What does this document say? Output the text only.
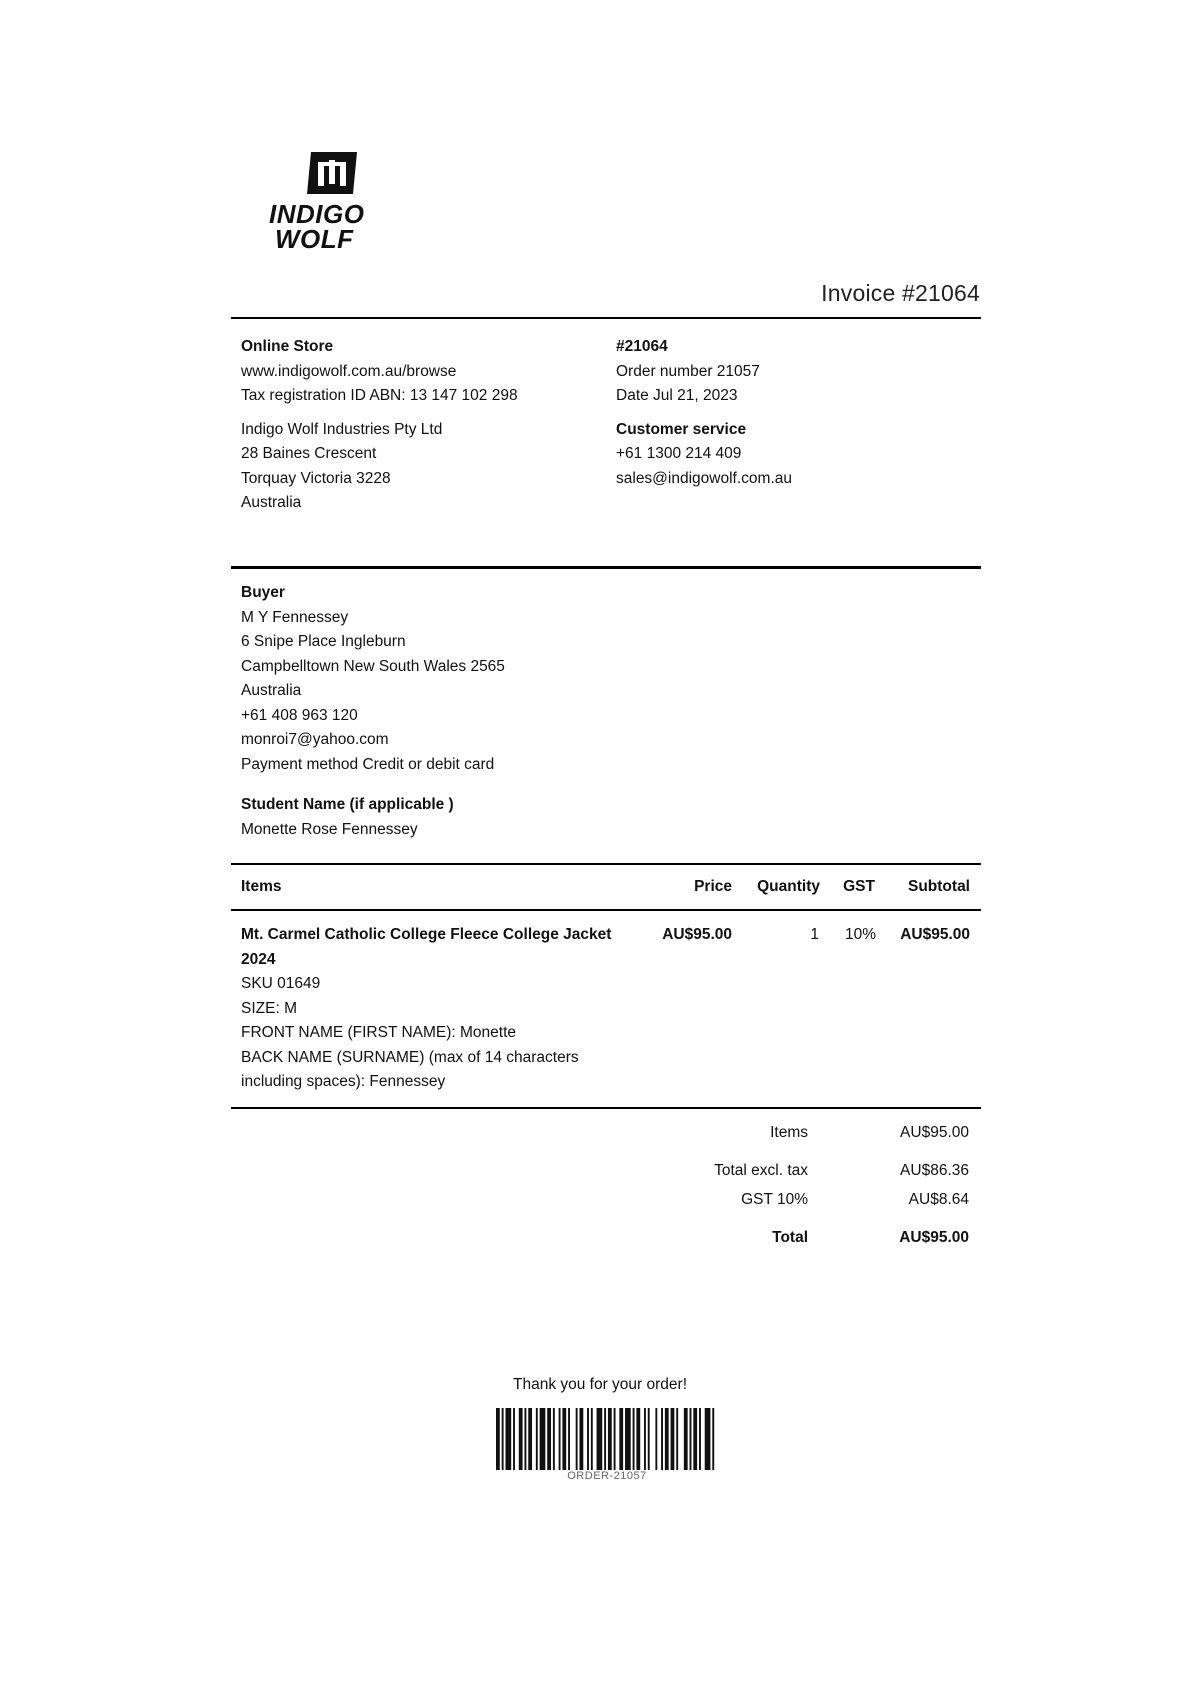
INDIGO
WOLF
Invoice #21064
Online Store
www.indigowolf.com.au/browse
Tax registration ID ABN: 13 147 102 298
Indigo Wolf Industries Pty Ltd
28 Baines Crescent
Torquay Victoria 3228
Australia
#21064
Order number 21057
Date Jul 21, 2023
Customer service
+61 1300 214 409
sales@indigowolf.com.au
Buyer
M Y Fennessey
6 Snipe Place Ingleburn
Campbelltown New South Wales 2565
Australia
+61 408 963 120
monroi7@yahoo.com
Payment method Credit or debit card
Student Name (if applicable )
Monette Rose Fennessey
Items	Price Quantity GST Subtotal
Mt. Carmel Catholic College Fleece College Jacket
2024
SKU 01649
SIZE: M
FRONT NAME (FIRST NAME): Monette
BACK NAME (SURNAME) (max of 14 characters
including spaces): Fennessey
AU$95.00	1 10% AU$95.00
Items	AU$95.00
Total excl. tax	AU$86.36
GST 10%	AU$8.64
Total	AU$95.00
Thank you for your order!
ORDER-21057
